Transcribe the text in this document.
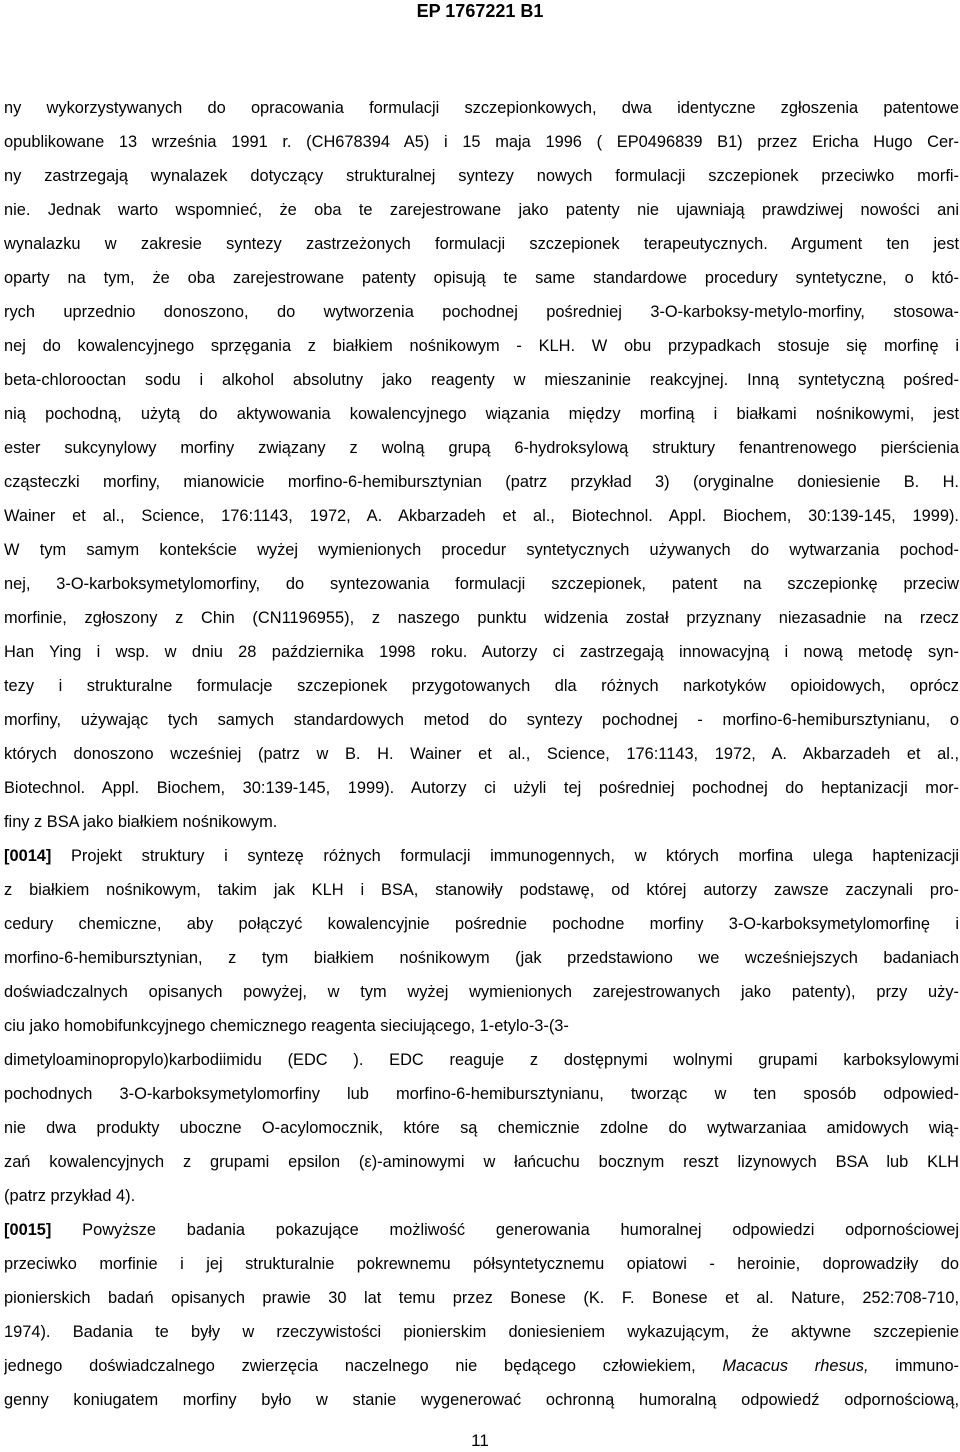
EP 1767221 B1
ny wykorzystywanych do opracowania formulacji szczepionkowych, dwa identyczne zgłoszenia patentowe
opublikowane 13 września 1991 r. (CH678394 A5) i 15 maja 1996 ( EP0496839 B1) przez Ericha Hugo Cer-
ny zastrzegają wynalazek dotyczący strukturalnej syntezy nowych formulacji szczepionek przeciwko morfi-
nie. Jednak warto wspomnieć, że oba te zarejestrowane jako patenty nie ujawniają prawdziwej nowości ani
wynalazku w zakresie syntezy zastrzeżonych formulacji szczepionek terapeutycznych. Argument ten jest
oparty na tym, że oba zarejestrowane patenty opisują te same standardowe procedury syntetyczne, o któ-
rych uprzednio donoszono, do wytworzenia pochodnej pośredniej 3-O-karboksy-metylo-morfiny, stosowa-
nej do kowalencyjnego sprzęgania z białkiem nośnikowym - KLH. W obu przypadkach stosuje się morfinę i
beta-chlorooctan sodu i alkohol absolutny jako reagenty w mieszaninie reakcyjnej. Inną syntetyczną pośred-
nią pochodną, użytą do aktywowania kowalencyjnego wiązania między morfiną i białkami nośnikowymi, jest
ester sukcynylowy morfiny związany z wolną grupą 6-hydroksylową struktury fenantrenowego pierścienia
cząsteczki morfiny, mianowicie morfino-6-hemibursztynian (patrz przykład 3) (oryginalne doniesienie B. H.
Wainer et al., Science, 176:1143, 1972, A. Akbarzadeh et al., Biotechnol. Appl. Biochem, 30:139-145, 1999).
W tym samym kontekście wyżej wymienionych procedur syntetycznych używanych do wytwarzania pochod-
nej, 3-O-karboksymetylomorfiny, do syntezowania formulacji szczepionek, patent na szczepionkę przeciw
morfinie, zgłoszony z Chin (CN1196955), z naszego punktu widzenia został przyznany niezasadnie na rzecz
Han Ying i wsp. w dniu 28 października 1998 roku. Autorzy ci zastrzegają innowacyjną i nową metodę syn-
tezy i strukturalne formulacje szczepionek przygotowanych dla różnych narkotyków opioidowych, oprócz
morfiny, używając tych samych standardowych metod do syntezy pochodnej - morfino-6-hemibursztynianu, o
których donoszono wcześniej (patrz w B. H. Wainer et al., Science, 176:1143, 1972, A. Akbarzadeh et al.,
Biotechnol. Appl. Biochem, 30:139-145, 1999). Autorzy ci użyli tej pośredniej pochodnej do heptanizacji mor-
finy z BSA jako białkiem nośnikowym.
[0014] Projekt struktury i syntezę różnych formulacji immunogennych, w których morfina ulega haptenizacji
z białkiem nośnikowym, takim jak KLH i BSA, stanowiły podstawę, od której autorzy zawsze zaczynali pro-
cedury chemiczne, aby połączyć kowalencyjnie pośrednie pochodne morfiny 3-O-karboksymetylomorfinę i
morfino-6-hemibursztynian, z tym białkiem nośnikowym (jak przedstawiono we wcześniejszych badaniach
doświadczalnych opisanych powyżej, w tym wyżej wymienionych zarejestrowanych jako patenty), przy uży-
ciu jako homobifunkcyjnego chemicznego reagenta sieciującego, 1-etylo-3-(3-
dimetyloaminopropylo)karbodiimidu (EDC ). EDC reaguje z dostępnymi wolnymi grupami karboksylowymi
pochodnych 3-O-karboksymetylomorfiny lub morfino-6-hemibursztynianu, tworząc w ten sposób odpowied-
nie dwa produkty uboczne O-acylomocznik, które są chemicznie zdolne do wytwarzaniaa amidowych wią-
zań kowalencyjnych z grupami epsilon (ε)-aminowymi w łańcuchu bocznym reszt lizynowych BSA lub KLH
(patrz przykład 4).
[0015] Powyższe badania pokazujące możliwość generowania humoralnej odpowiedzi odpornościowej
przeciwko morfinie i jej strukturalnie pokrewnemu półsyntetycznemu opiatowi - heroinie, doprowadziły do
pionierskich badań opisanych prawie 30 lat temu przez Bonese (K. F. Bonese et al. Nature, 252:708-710,
1974). Badania te były w rzeczywistości pionierskim doniesieniem wykazującym, że aktywne szczepienie
jednego doświadczalnego zwierzęcia naczelnego nie będącego człowiekiem, Macacus rhesus, immuno-
genny koniugatem morfiny było w stanie wygenerować ochronną humoralną odpowiedź odpornościową,
11
